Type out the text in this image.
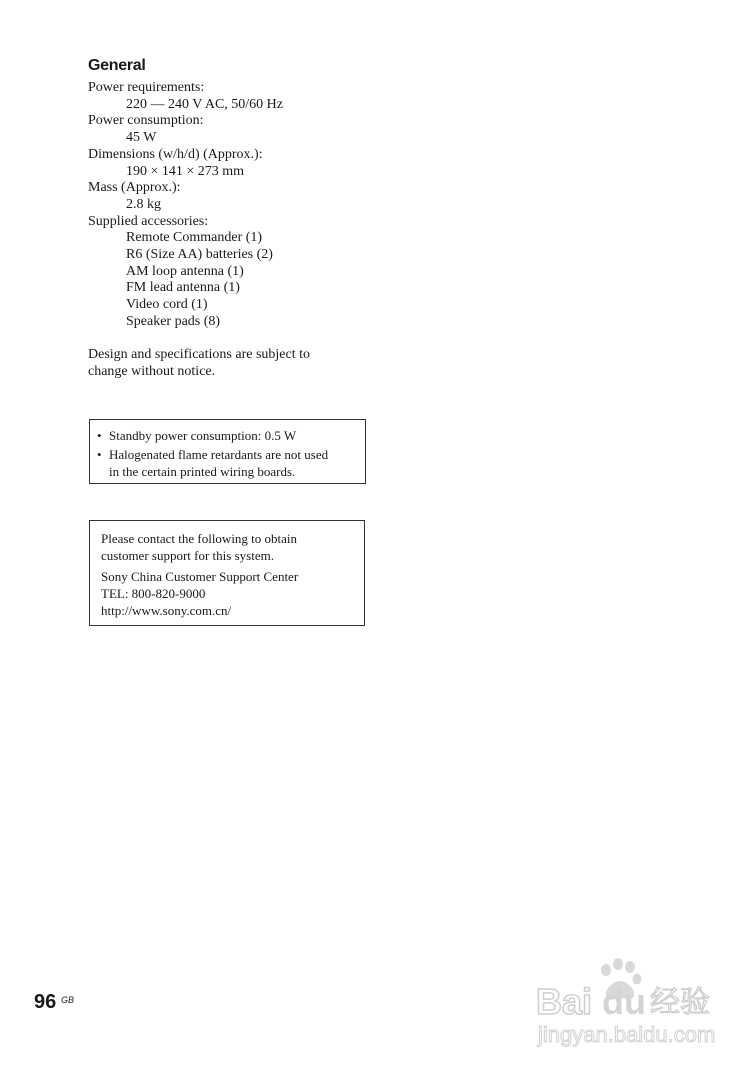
General
Power requirements:
220 — 240 V AC, 50/60 Hz
Power consumption:
45 W
Dimensions (w/h/d) (Approx.):
190 × 141 × 273 mm
Mass (Approx.):
2.8 kg
Supplied accessories:
Remote Commander (1)
R6 (Size AA) batteries (2)
AM loop antenna (1)
FM lead antenna (1)
Video cord (1)
Speaker pads (8)
Design and specifications are subject to
change without notice.
• Standby power consumption: 0.5 W
• Halogenated flame retardants are not used
in the certain printed wiring boards.
Please contact the following to obtain
customer support for this system.
Sony China Customer Support Center
TEL: 800-820-9000
http://www.sony.com.cn/
96 GB	Bai du 经验
jingyan.baidu.com
